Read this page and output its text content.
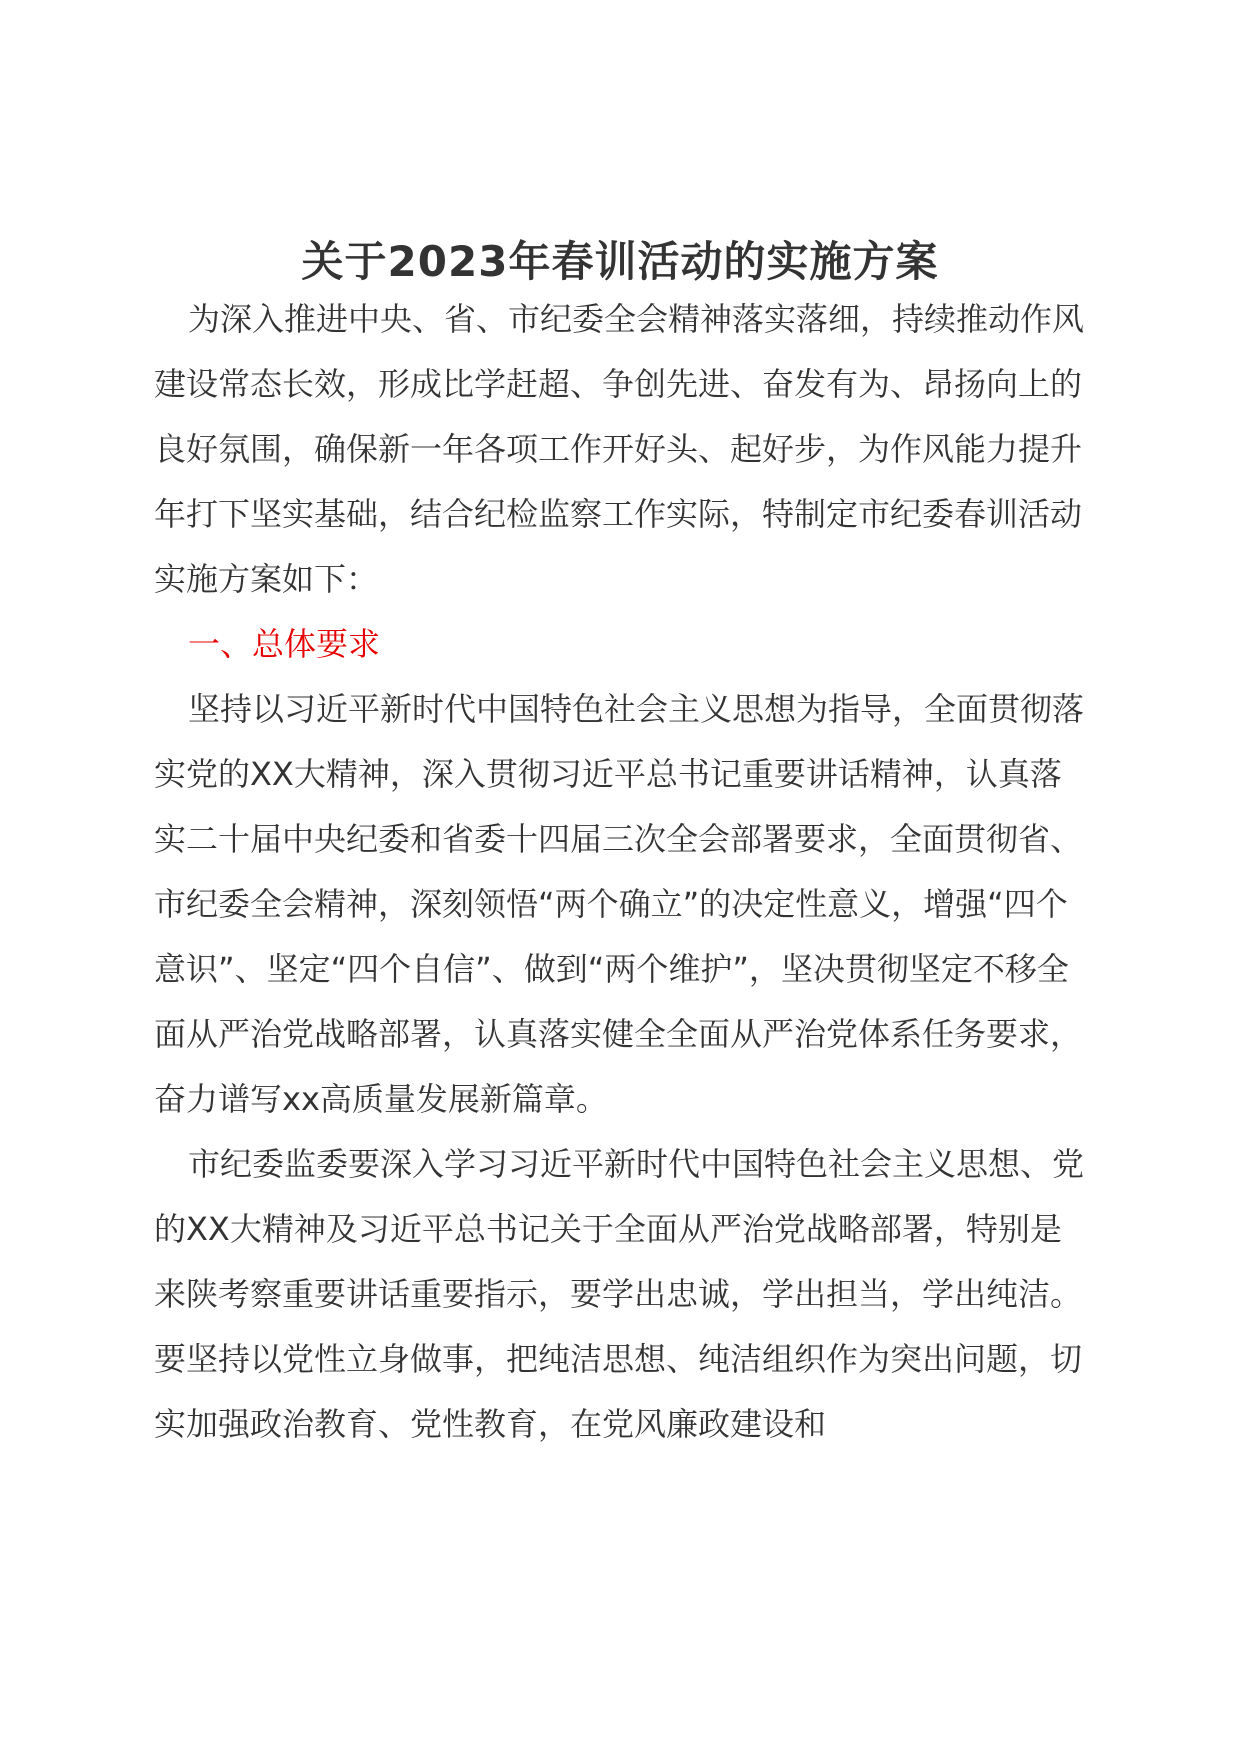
关于2023年春训活动的实施方案

为深入推进中央、省、市纪委全会精神落实落细，持续推动作风建设常态长效，形成比学赶超、争创先进、奋发有为、昂扬向上的良好氛围，确保新一年各项工作开好头、起好步，为作风能力提升年打下坚实基础，结合纪检监察工作实际，特制定市纪委春训活动实施方案如下：

一、总体要求

坚持以习近平新时代中国特色社会主义思想为指导，全面贯彻落实党的XX大精神，深入贯彻习近平总书记重要讲话精神，认真落实二十届中央纪委和省委十四届三次全会部署要求，全面贯彻省、市纪委全会精神，深刻领悟“两个确立”的决定性意义，增强“四个意识”、坚定“四个自信”、做到“两个维护”，坚决贯彻坚定不移全面从严治党战略部署，认真落实健全全面从严治党体系任务要求，奋力谱写xx高质量发展新篇章。

市纪委监委要深入学习习近平新时代中国特色社会主义思想、党的XX大精神及习近平总书记关于全面从严治党战略部署，特别是来陕考察重要讲话重要指示，要学出忠诚，学出担当，学出纯洁。要坚持以党性立身做事，把纯洁思想、纯洁组织作为突出问题，切实加强政治教育、党性教育，在党风廉政建设和
